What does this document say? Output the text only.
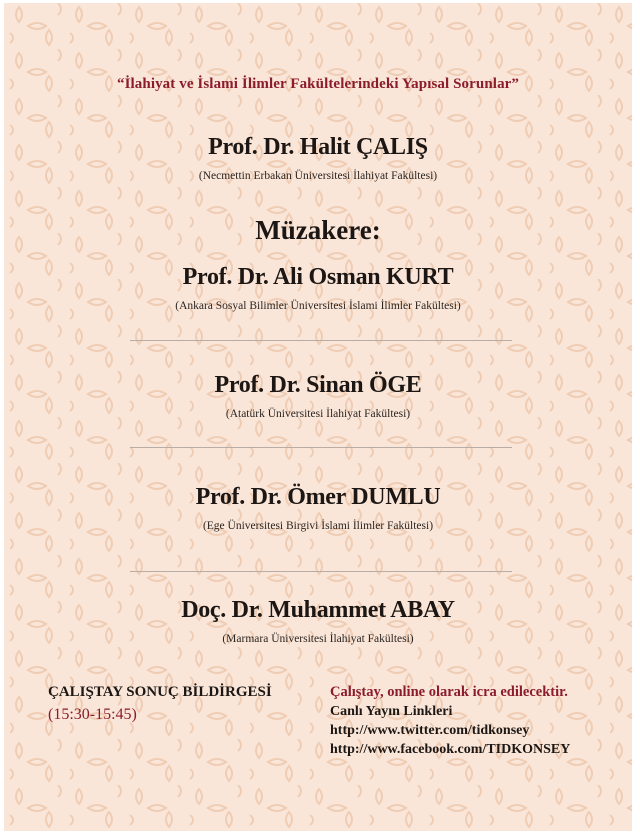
“İlahiyat ve İslami İlimler Fakültelerindeki Yapısal Sorunlar”
Prof. Dr. Halit ÇALIŞ
(Necmettin Erbakan Üniversitesi İlahiyat Fakültesi)
Müzakere:
Prof. Dr. Ali Osman KURT
(Ankara Sosyal Bilimler Üniversitesi İslami İlimler Fakültesi)
Prof. Dr. Sinan ÖGE
(Atatürk Üniversitesi İlahiyat Fakültesi)
Prof. Dr. Ömer DUMLU
(Ege Üniversitesi Birgivi İslami İlimler Fakültesi)
Doç. Dr. Muhammet ABAY
(Marmara Üniversitesi İlahiyat Fakültesi)
ÇALIŞTAY SONUÇ BİLDİRGESİ
(15:30-15:45)
Çalıştay, online olarak icra edilecektir.
Canlı Yayın Linkleri
http://www.twitter.com/tidkonsey
http://www.facebook.com/TIDKONSEY
